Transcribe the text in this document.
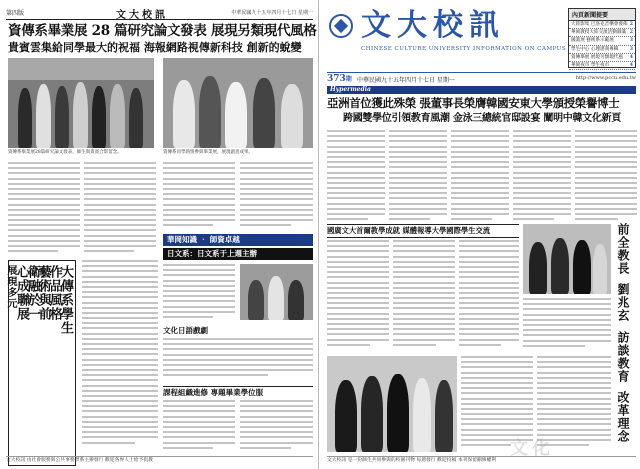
第四版	文大校訊	中華民國九十五年四月十七日 星期一
資傳系畢業展 28 篇研究論文發表 展現另類現代風格
貴賓雲集給同學最大的祝福 海報網路視傳新科技 創新的蛻變
資傳系畢業展28篇研究論文發表，師生與貴賓合影留念。	資傳系同學熱情參與畢業展，展現創意成果。
大傳系學生
作品風格
藝術與前
衛融於一
心成聯展
展現多元
華岡知識 ‧ 師資卓越
日文系：日文系于上週主辦
文化日語戲劇
課程組織進修 專題畢業學位服
文大校訊 由社會服務與公共事務學系主辦發行 歡迎各界人士給予指教
文大校訊
CHINESE CULTURE UNIVERSITY INFORMATION ON CAMPUS
內頁新聞提要
大陸影集 巴洛克音樂會發佈 2
華岡教授大陸交流活動圓滿 2
國畫展 藝術系示範展	3
學生中心 心理諮商專輯	3
資傳畢展 展現另類現代風	4
華岡夜市 學生夜市	4
373期 中華民國九十五年四月十七日 星期一	http://www.pccu.edu.tw
Hypermedia
亞洲首位獲此殊榮 張董事長榮膺韓國安東大學頒授榮譽博士
跨國雙學位引領教育風潮 金泳三總統官邸設宴 闡明中韓文化新頁
國廣文大首爾教學成就 媒體報導大學國際學生交流	前全教長
劉兆玄
訪談教育
改革理念
文大校訊 是一份師生共同參與的校園刊物 每週發行 歡迎投稿 本刊保留刪修權利
文化
